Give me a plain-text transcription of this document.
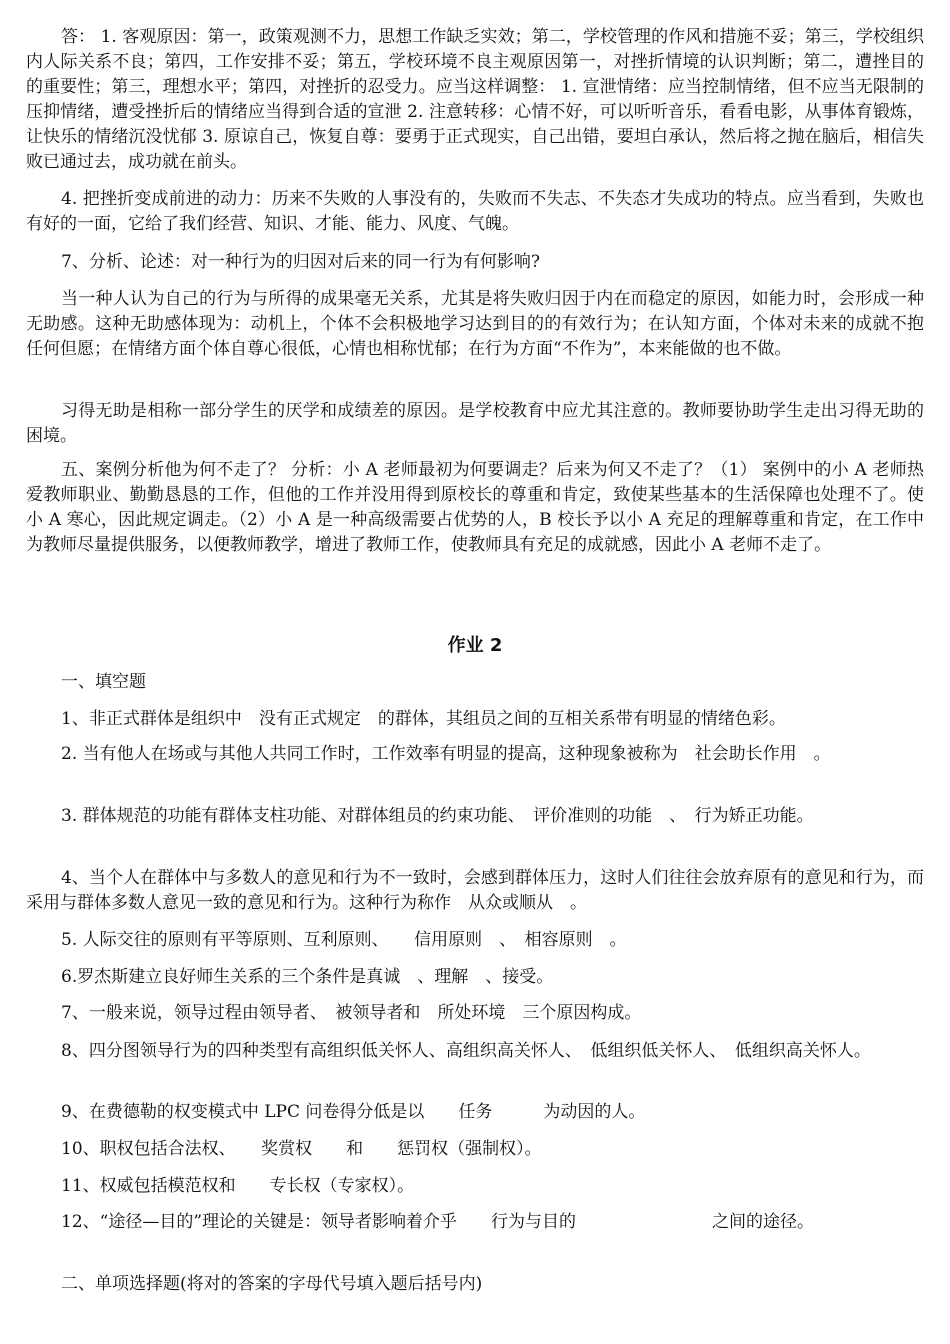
答： 1. 客观原因：第一，政策观测不力，思想工作缺乏实效；第二，学校管理的作风和措施不妥；第三，学校组织内人际关系不良；第四，工作安排不妥；第五，学校环境不良主观原因第一，对挫折情境的认识判断；第二，遭挫目的的重要性；第三，理想水平；第四，对挫折的忍受力。应当这样调整： 1. 宣泄情绪：应当控制情绪，但不应当无限制的压抑情绪，遭受挫折后的情绪应当得到合适的宣泄 2. 注意转移：心情不好，可以听听音乐，看看电影，从事体育锻炼，让快乐的情绪沉没忧郁 3. 原谅自己，恢复自尊：要勇于正式现实，自己出错，要坦白承认，然后将之抛在脑后，相信失败已通过去，成功就在前头。

4. 把挫折变成前进的动力：历来不失败的人事没有的，失败而不失志、不失态才失成功的特点。应当看到，失败也有好的一面，它给了我们经营、知识、才能、能力、风度、气魄。

7、分析、论述：对一种行为的归因对后来的同一行为有何影响?

当一种人认为自己的行为与所得的成果毫无关系，尤其是将失败归因于内在而稳定的原因，如能力时，会形成一种无助感。这种无助感体现为：动机上，个体不会积极地学习达到目的的有效行为；在认知方面，个体对未来的成就不抱任何但愿；在情绪方面个体自尊心很低，心情也相称忧郁；在行为方面“不作为”，本来能做的也不做。

习得无助是相称一部分学生的厌学和成绩差的原因。是学校教育中应尤其注意的。教师要协助学生走出习得无助的困境。

五、案例分析他为何不走了？ 分析：小 A 老师最初为何要调走？后来为何又不走了？（1） 案例中的小 A 老师热爱教师职业、勤勤恳恳的工作，但他的工作并没用得到原校长的尊重和肯定，致使某些基本的生活保障也处理不了。使小 A 寒心，因此规定调走。（2）小 A 是一种高级需要占优势的人，B 校长予以小 A 充足的理解尊重和肯定，在工作中为教师尽量提供服务，以便教师教学，增进了教师工作，使教师具有充足的成就感，因此小 A 老师不走了。

作业 2

一、填空题

1、非正式群体是组织中　没有正式规定　的群体，其组员之间的互相关系带有明显的情绪色彩。

2. 当有他人在场或与其他人共同工作时，工作效率有明显的提高，这种现象被称为　社会助长作用　。

3. 群体规范的功能有群体支柱功能、对群体组员的约束功能、　评价准则的功能　、　行为矫正功能。

4、当个人在群体中与多数人的意见和行为不一致时，会感到群体压力，这时人们往往会放弃原有的意见和行为，而采用与群体多数人意见一致的意见和行为。这种行为称作　从众或顺从　。

5. 人际交往的原则有平等原则、互利原则、　　信用原则　、　相容原则　。

6.罗杰斯建立良好师生关系的三个条件是真诚　、理解　、接受。

7、一般来说，领导过程由领导者、　被领导者和　所处环境　三个原因构成。

8、四分图领导行为的四种类型有高组织低关怀人、高组织高关怀人、　低组织低关怀人、　低组织高关怀人。

9、在费德勒的权变模式中 LPC 问卷得分低是以　　任务　　　为动因的人。

10、职权包括合法权、　　奖赏权　　和　　惩罚权（强制权）。

11、权威包括模范权和　　专长权（专家权）。

12、“途径—目的”理论的关键是：领导者影响着介乎　　行为与目的　　　　　　　　之间的途径。

二、单项选择题(将对的答案的字母代号填入题后括号内)
